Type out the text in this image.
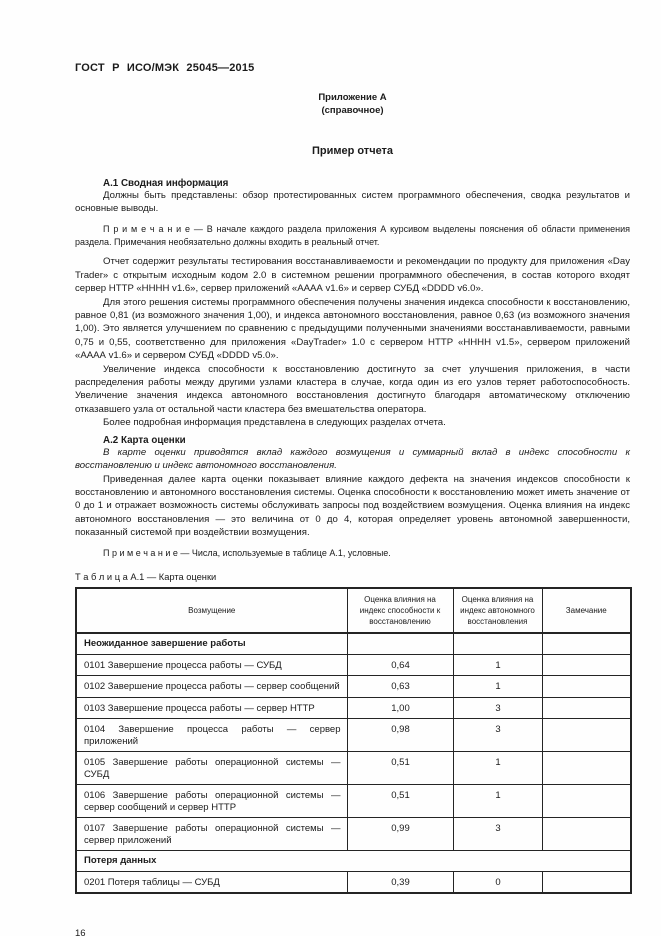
ГОСТ Р ИСО/МЭК 25045—2015
Приложение А
(справочное)
Пример отчета
А.1 Сводная информация

Должны быть представлены: обзор протестированных систем программного обеспечения, сводка результатов и основные выводы.

П р и м е ч а н и е — В начале каждого раздела приложения А курсивом выделены пояснения об области применения раздела. Примечания необязательно должны входить в реальный отчет.

Отчет содержит результаты тестирования восстанавливаемости и рекомендации по продукту для приложения «Day Trader» с открытым исходным кодом 2.0 в системном решении программного обеспечения, в состав которого входят сервер HTTP «НННН v1.6», сервер приложений «АААА v1.6» и сервер СУБД «DDDD v6.0».

Для этого решения системы программного обеспечения получены значения индекса способности к восстановлению, равное 0,81 (из возможного значения 1,00), и индекса автономного восстановления, равное 0,63 (из возможного значения 1,00). Это является улучшением по сравнению с предыдущими полученными значениями восстанавливаемости, равными 0,75 и 0,55, соответственно для приложения «DayTrader» 1.0 с сервером HTTP «НННН v1.5», сервером приложений «АААА v1.6» и сервером СУБД «DDDD v5.0».

Увеличение индекса способности к восстановлению достигнуто за счет улучшения приложения, в части распределения работы между другими узлами кластера в случае, когда один из его узлов теряет работоспособность. Увеличение значения индекса автономного восстановления достигнуто благодаря автоматическому отключению отказавшего узла от остальной части кластера без вмешательства оператора.

Более подробная информация представлена в следующих разделах отчета.

А.2 Карта оценки

В карте оценки приводятся вклад каждого возмущения и суммарный вклад в индекс способности к восстановлению и индекс автономного восстановления.

Приведенная далее карта оценки показывает влияние каждого дефекта на значения индексов способности к восстановлению и автономного восстановления системы. Оценка способности к восстановлению может иметь значение от 0 до 1 и отражает возможность системы обслуживать запросы под воздействием возмущения. Оценка влияния на индекс автономного восстановления — это величина от 0 до 4, которая определяет уровень автономной завершенности, показанный системой при воздействии возмущения.

П р и м е ч а н и е — Числа, используемые в таблице А.1, условные.

Т а б л и ц а А.1 — Карта оценки
Возмущение	Оценка влияния на индекс способности к восстановлению	Оценка влияния на индекс автономного восстановления	Замечание
Неожиданное завершение работы			
0101 Завершение процесса работы — СУБД	0,64	1	
0102 Завершение процесса работы — сервер сообщений	0,63	1	
0103 Завершение процесса работы — сервер HTTP	1,00	3	
0104 Завершение процесса работы — сервер приложений	0,98	3	
0105 Завершение работы операционной системы — СУБД	0,51	1	
0106 Завершение работы операционной системы — сервер сообщений и сервер HTTP	0,51	1	
0107 Завершение работы операционной системы — сервер приложений	0,99	3	
Потеря данных			
0201 Потеря таблицы — СУБД	0,39	0	
16
